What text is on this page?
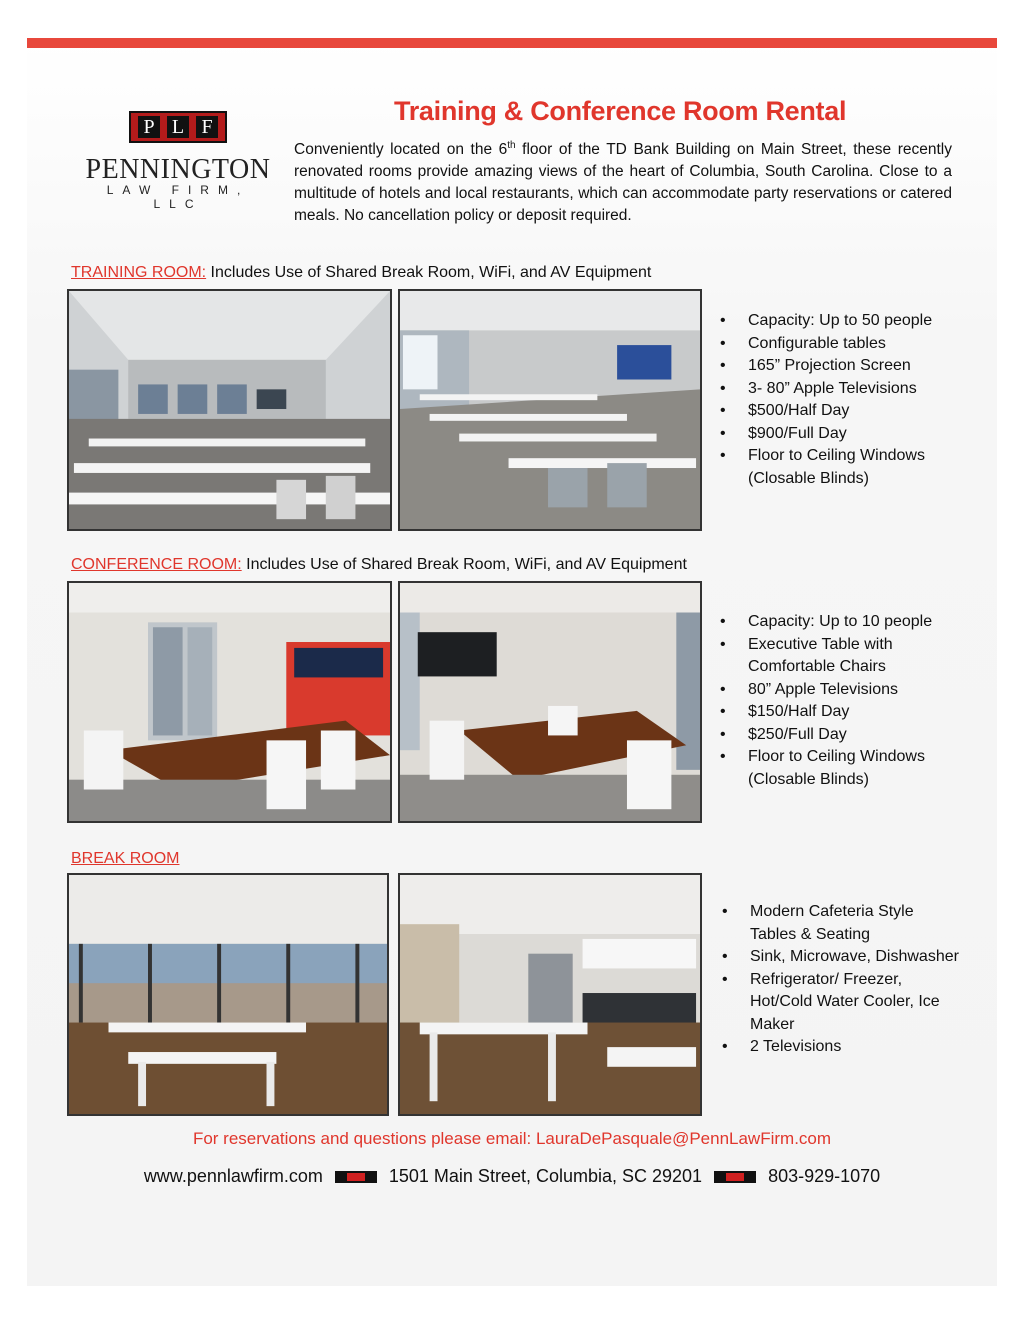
P L F
PENNINGTON
LAW FIRM, LLC
Training & Conference Room Rental
Conveniently located on the 6th floor of the TD Bank Building on Main Street, these recently renovated rooms provide amazing views of the heart of Columbia, South Carolina. Close to a multitude of hotels and local restaurants, which can accommodate party reservations or catered meals. No cancellation policy or deposit required.
TRAINING ROOM: Includes Use of Shared Break Room, WiFi, and AV Equipment
• Capacity: Up to 50 people
• Configurable tables
• 165” Projection Screen
• 3- 80” Apple Televisions
• $500/Half Day
• $900/Full Day
• Floor to Ceiling Windows (Closable Blinds)
CONFERENCE ROOM: Includes Use of Shared Break Room, WiFi, and AV Equipment
• Capacity: Up to 10 people
• Executive Table with Comfortable Chairs
• 80” Apple Televisions
• $150/Half Day
• $250/Full Day
• Floor to Ceiling Windows (Closable Blinds)
BREAK ROOM
• Modern Cafeteria Style Tables & Seating
• Sink, Microwave, Dishwasher
• Refrigerator/ Freezer, Hot/Cold Water Cooler, Ice Maker
• 2 Televisions
For reservations and questions please email: LauraDePasquale@PennLawFirm.com
www.pennlawfirm.com	1501 Main Street, Columbia, SC 29201	803-929-1070
